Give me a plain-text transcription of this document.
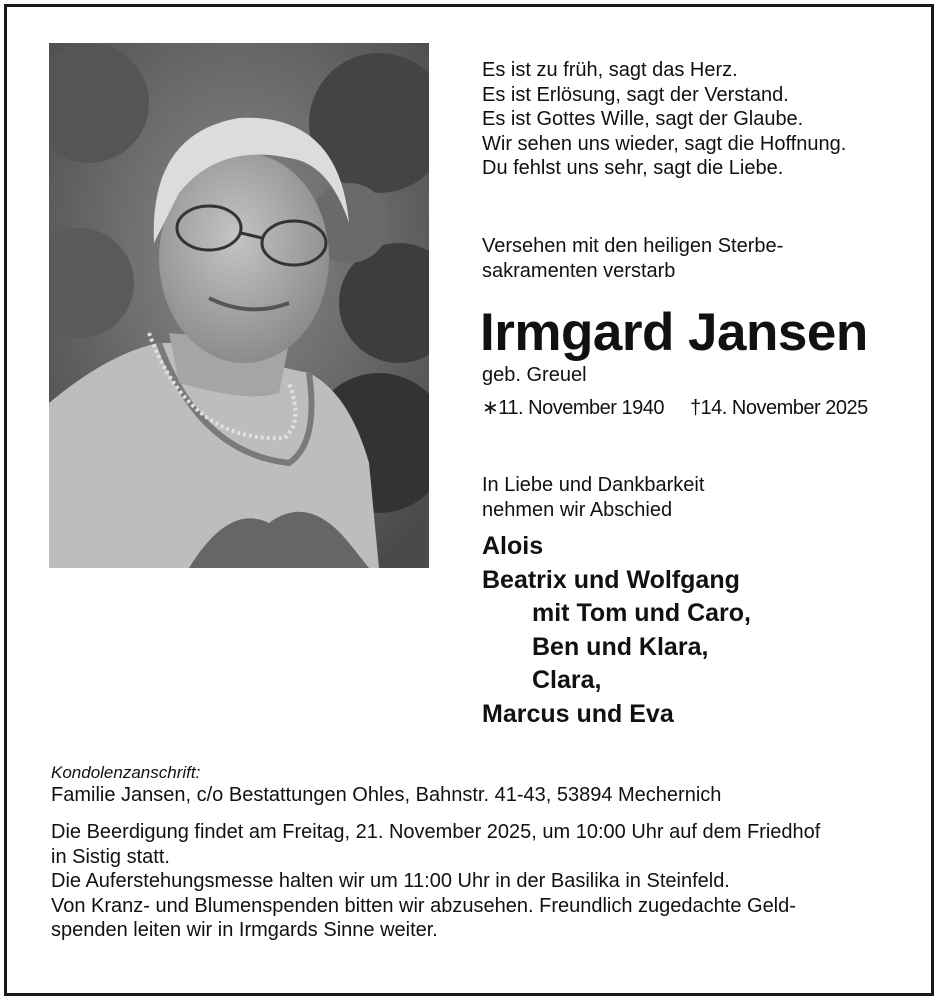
Es ist zu früh, sagt das Herz.
Es ist Erlösung, sagt der Verstand.
Es ist Gottes Wille, sagt der Glaube.
Wir sehen uns wieder, sagt die Hoffnung.
Du fehlst uns sehr, sagt die Liebe.
Versehen mit den heiligen Sterbe-
sakramenten verstarb
Irmgard Jansen
geb. Greuel
∗11. November 1940 †14. November 2025
In Liebe und Dankbarkeit
nehmen wir Abschied
Alois
Beatrix und Wolfgang
mit Tom und Caro,
Ben und Klara,
Clara,
Marcus und Eva
Kondolenzanschrift:
Familie Jansen, c/o Bestattungen Ohles, Bahnstr. 41-43, 53894 Mechernich
Die Beerdigung findet am Freitag, 21. November 2025, um 10:00 Uhr auf dem Friedhof
in Sistig statt.
Die Auferstehungsmesse halten wir um 11:00 Uhr in der Basilika in Steinfeld.
Von Kranz- und Blumenspenden bitten wir abzusehen. Freundlich zugedachte Geld-
spenden leiten wir in Irmgards Sinne weiter.
